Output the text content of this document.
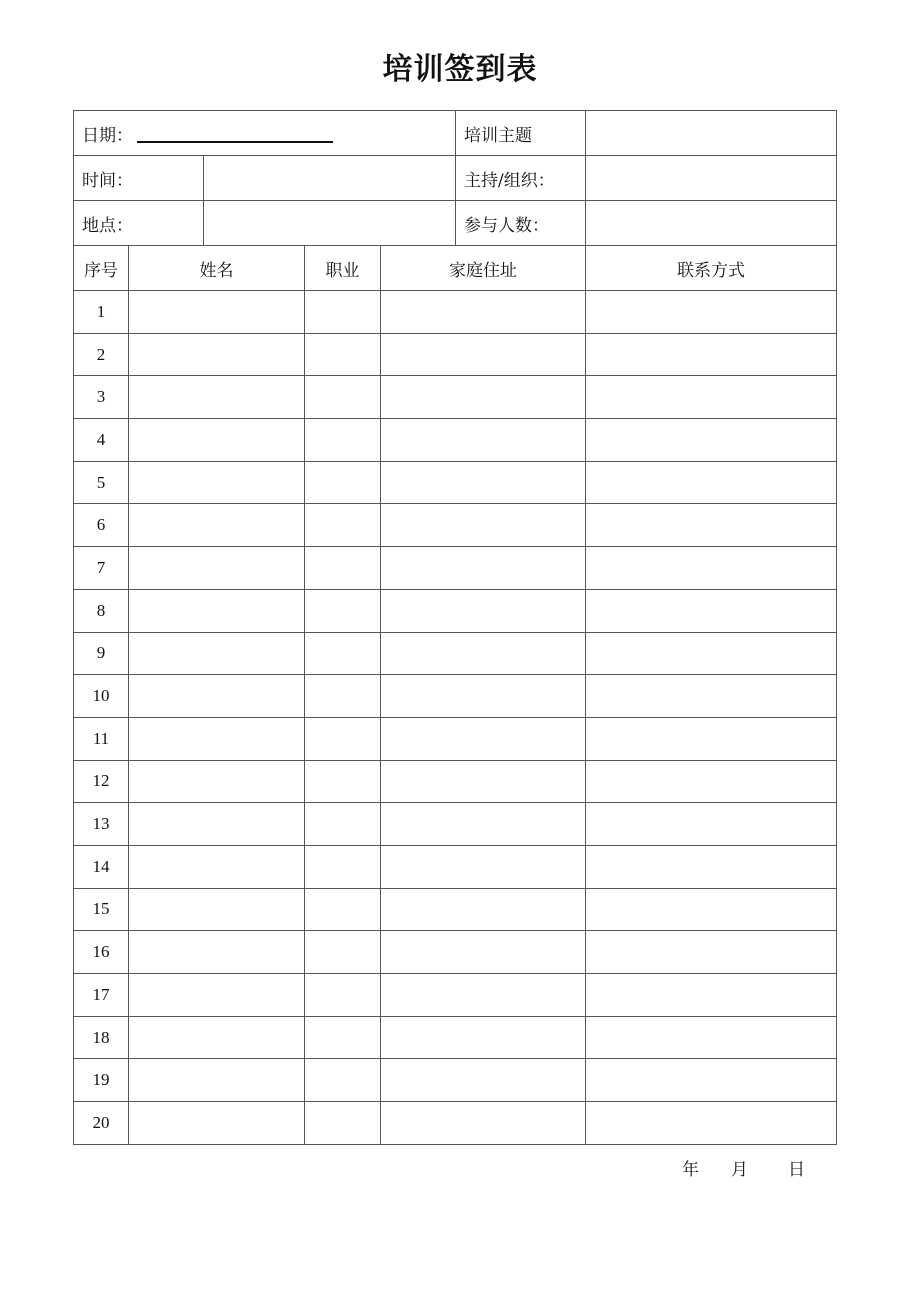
培训签到表
日期：					培训主题	
时间：					主持/组织：	
地点：					参与人数：	
序号	姓名		职业	家庭住址		联系方式
1						
2						
3						
4						
5						
6						
7						
8						
9						
10						
11						
12						
13						
14						
15						
16						
17						
18						
19						
20						
年 月 日
